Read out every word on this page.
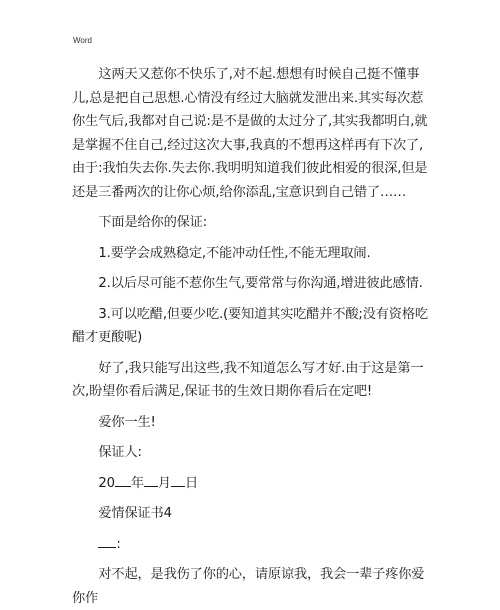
Word

这两天又惹你不快乐了,对不起.想想有时候自己挺不懂事儿,总是把自己思想.心情没有经过大脑就发泄出来.其实每次惹你生气后,我都对自己说:是不是做的太过分了,其实我都明白,就是掌握不住自己,经过这次大事,我真的不想再这样再有下次了,由于:我怕失去你.失去你.我明明知道我们彼此相爱的很深,但是还是三番两次的让你心烦,给你添乱,宝意识到自己错了……

下面是给你的保证:

1.要学会成熟稳定,不能冲动任性,不能无理取闹.

2.以后尽可能不惹你生气,要常常与你沟通,增进彼此感情.

3.可以吃醋,但要少吃.(要知道其实吃醋并不酸;没有资格吃醋才更酸呢)

好了,我只能写出这些,我不知道怎么写才好.由于这是第一次,盼望你看后满足,保证书的生效日期你看后在定吧!

爱你一生!

保证人:

20 年 月 日

爱情保证书4

:

对不起，是我伤了你的心，请原谅我，我会一辈子疼你爱你作
